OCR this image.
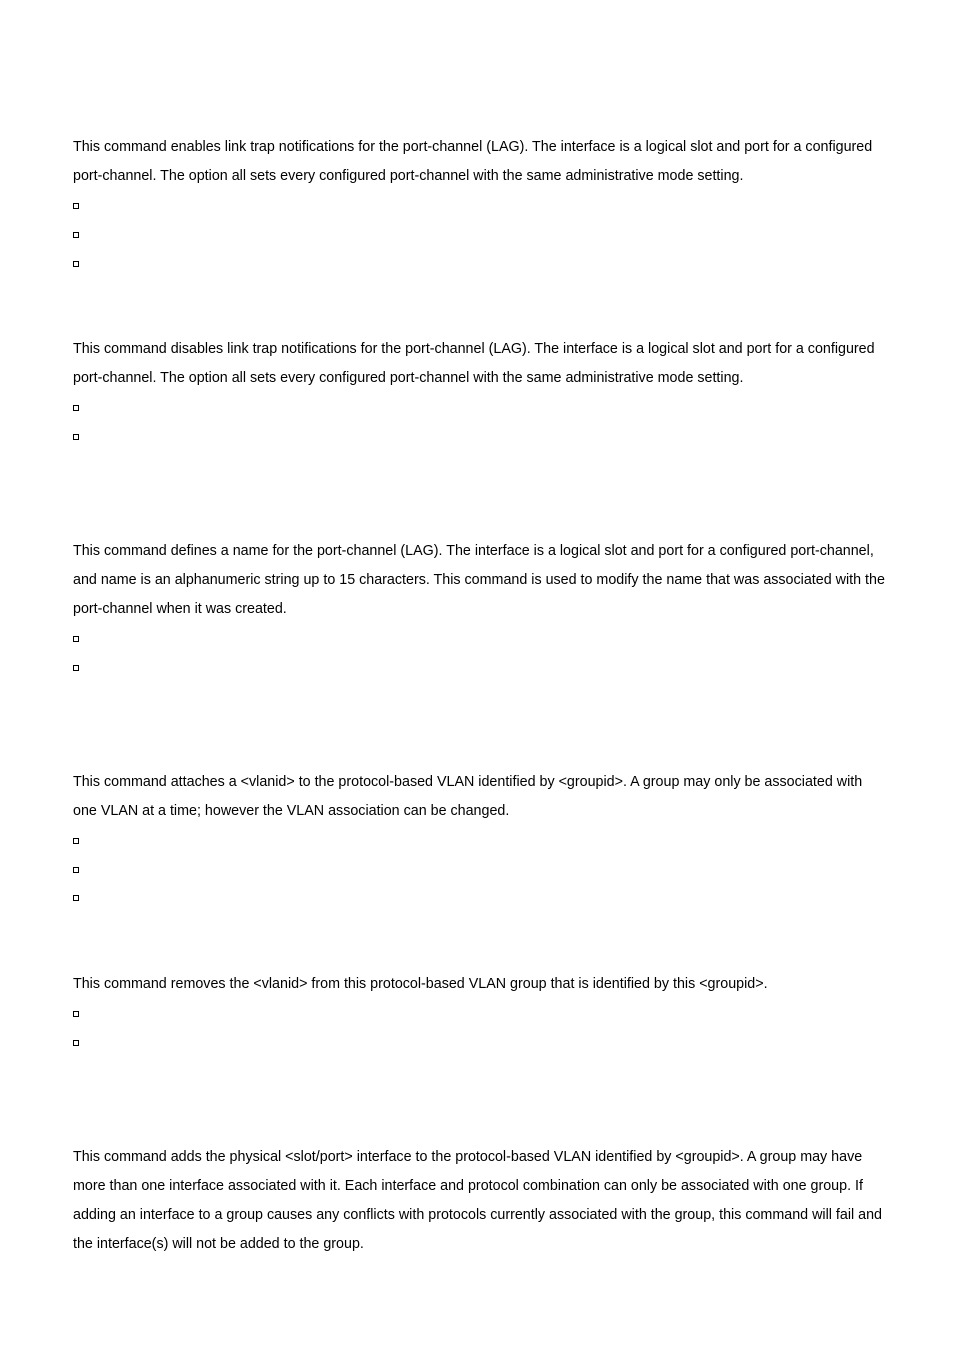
This command enables link trap notifications for the port-channel (LAG). The interface is a logical slot and port for a configured port-channel. The option all sets every configured port-channel with the same administrative mode setting.

This command disables link trap notifications for the port-channel (LAG). The interface is a logical slot and port for a configured port-channel. The option all sets every configured port-channel with the same administrative mode setting.

This command defines a name for the port-channel (LAG). The interface is a logical slot and port for a configured port-channel, and name is an alphanumeric string up to 15 characters. This command is used to modify the name that was associated with the port-channel when it was created.

This command attaches a <vlanid> to the protocol-based VLAN identified by <groupid>. A group may only be associated with one VLAN at a time; however the VLAN association can be changed.

This command removes the <vlanid> from this protocol-based VLAN group that is identified by this <groupid>.

This command adds the physical <slot/port> interface to the protocol-based VLAN identified by <groupid>. A group may have more than one interface associated with it. Each interface and protocol combination can only be associated with one group. If adding an interface to a group causes any conflicts with protocols currently associated with the group, this command will fail and the interface(s) will not be added to the group.
